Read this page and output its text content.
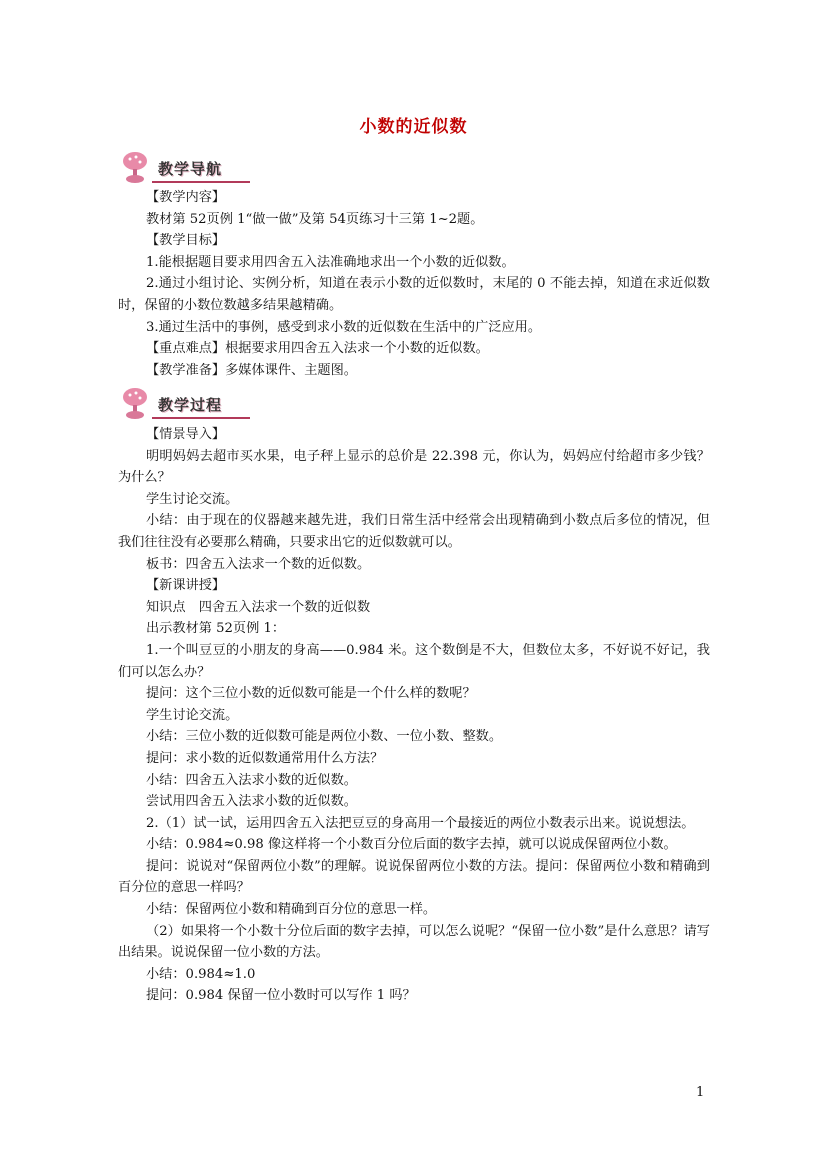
小数的近似数
教学导航

【教学内容】

教材第 52页例 1“做一做”及第 54页练习十三第 1~2题。

【教学目标】

1.能根据题目要求用四舍五入法准确地求出一个小数的近似数。

2.通过小组讨论、实例分析，知道在表示小数的近似数时，末尾的 0 不能去掉，知道在求近似数时，保留的小数位数越多结果越精确。

3.通过生活中的事例，感受到求小数的近似数在生活中的广泛应用。

【重点难点】根据要求用四舍五入法求一个小数的近似数。

【教学准备】多媒体课件、主题图。

教学过程

【情景导入】

明明妈妈去超市买水果，电子秤上显示的总价是 22.398 元，你认为，妈妈应付给超市多少钱？为什么？

学生讨论交流。

小结：由于现在的仪器越来越先进，我们日常生活中经常会出现精确到小数点后多位的情况，但我们往往没有必要那么精确，只要求出它的近似数就可以。

板书：四舍五入法求一个数的近似数。

【新课讲授】

知识点　四舍五入法求一个数的近似数

出示教材第 52页例 1：

1.一个叫豆豆的小朋友的身高——0.984 米。这个数倒是不大，但数位太多，不好说不好记，我们可以怎么办？

提问：这个三位小数的近似数可能是一个什么样的数呢？

学生讨论交流。

小结：三位小数的近似数可能是两位小数、一位小数、整数。

提问：求小数的近似数通常用什么方法？

小结：四舍五入法求小数的近似数。

尝试用四舍五入法求小数的近似数。

2.（1）试一试，运用四舍五入法把豆豆的身高用一个最接近的两位小数表示出来。说说想法。

小结：0.984≈0.98 像这样将一个小数百分位后面的数字去掉，就可以说成保留两位小数。

提问：说说对“保留两位小数”的理解。说说保留两位小数的方法。提问：保留两位小数和精确到百分位的意思一样吗？

小结：保留两位小数和精确到百分位的意思一样。

（2）如果将一个小数十分位后面的数字去掉，可以怎么说呢？“保留一位小数”是什么意思？请写出结果。说说保留一位小数的方法。

小结：0.984≈1.0

提问：0.984 保留一位小数时可以写作 1 吗？

1
